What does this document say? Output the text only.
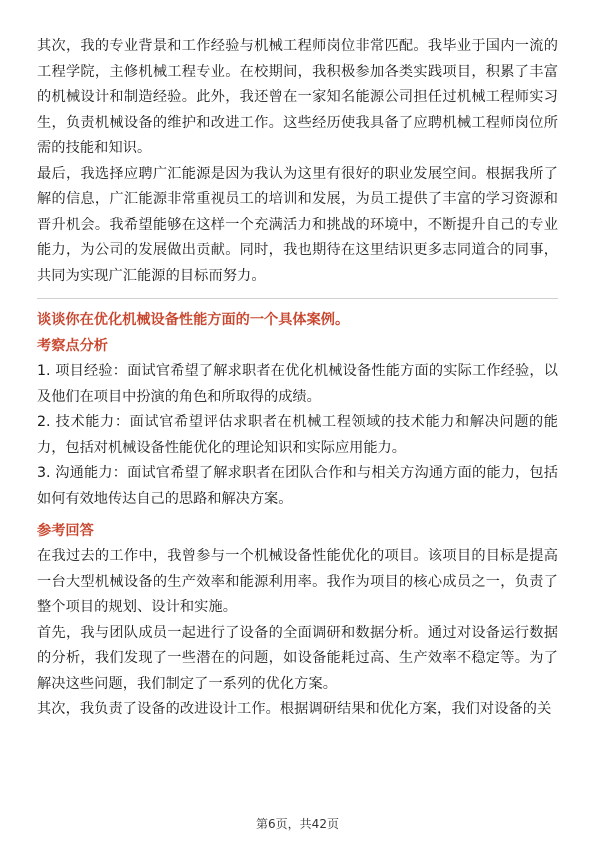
其次，我的专业背景和工作经验与机械工程师岗位非常匹配。我毕业于国内一流的工程学院，主修机械工程专业。在校期间，我积极参加各类实践项目，积累了丰富的机械设计和制造经验。此外，我还曾在一家知名能源公司担任过机械工程师实习生，负责机械设备的维护和改进工作。这些经历使我具备了应聘机械工程师岗位所需的技能和知识。

最后，我选择应聘广汇能源是因为我认为这里有很好的职业发展空间。根据我所了解的信息，广汇能源非常重视员工的培训和发展，为员工提供了丰富的学习资源和晋升机会。我希望能够在这样一个充满活力和挑战的环境中，不断提升自己的专业能力，为公司的发展做出贡献。同时，我也期待在这里结识更多志同道合的同事，共同为实现广汇能源的目标而努力。

谈谈你在优化机械设备性能方面的一个具体案例。

考察点分析

1. 项目经验：面试官希望了解求职者在优化机械设备性能方面的实际工作经验，以及他们在项目中扮演的角色和所取得的成绩。

2. 技术能力：面试官希望评估求职者在机械工程领域的技术能力和解决问题的能力，包括对机械设备性能优化的理论知识和实际应用能力。

3. 沟通能力：面试官希望了解求职者在团队合作和与相关方沟通方面的能力，包括如何有效地传达自己的思路和解决方案。

参考回答

在我过去的工作中，我曾参与一个机械设备性能优化的项目。该项目的目标是提高一台大型机械设备的生产效率和能源利用率。我作为项目的核心成员之一，负责了整个项目的规划、设计和实施。

首先，我与团队成员一起进行了设备的全面调研和数据分析。通过对设备运行数据的分析，我们发现了一些潜在的问题，如设备能耗过高、生产效率不稳定等。为了解决这些问题，我们制定了一系列的优化方案。

其次，我负责了设备的改进设计工作。根据调研结果和优化方案，我们对设备的关

第6页，共42页
